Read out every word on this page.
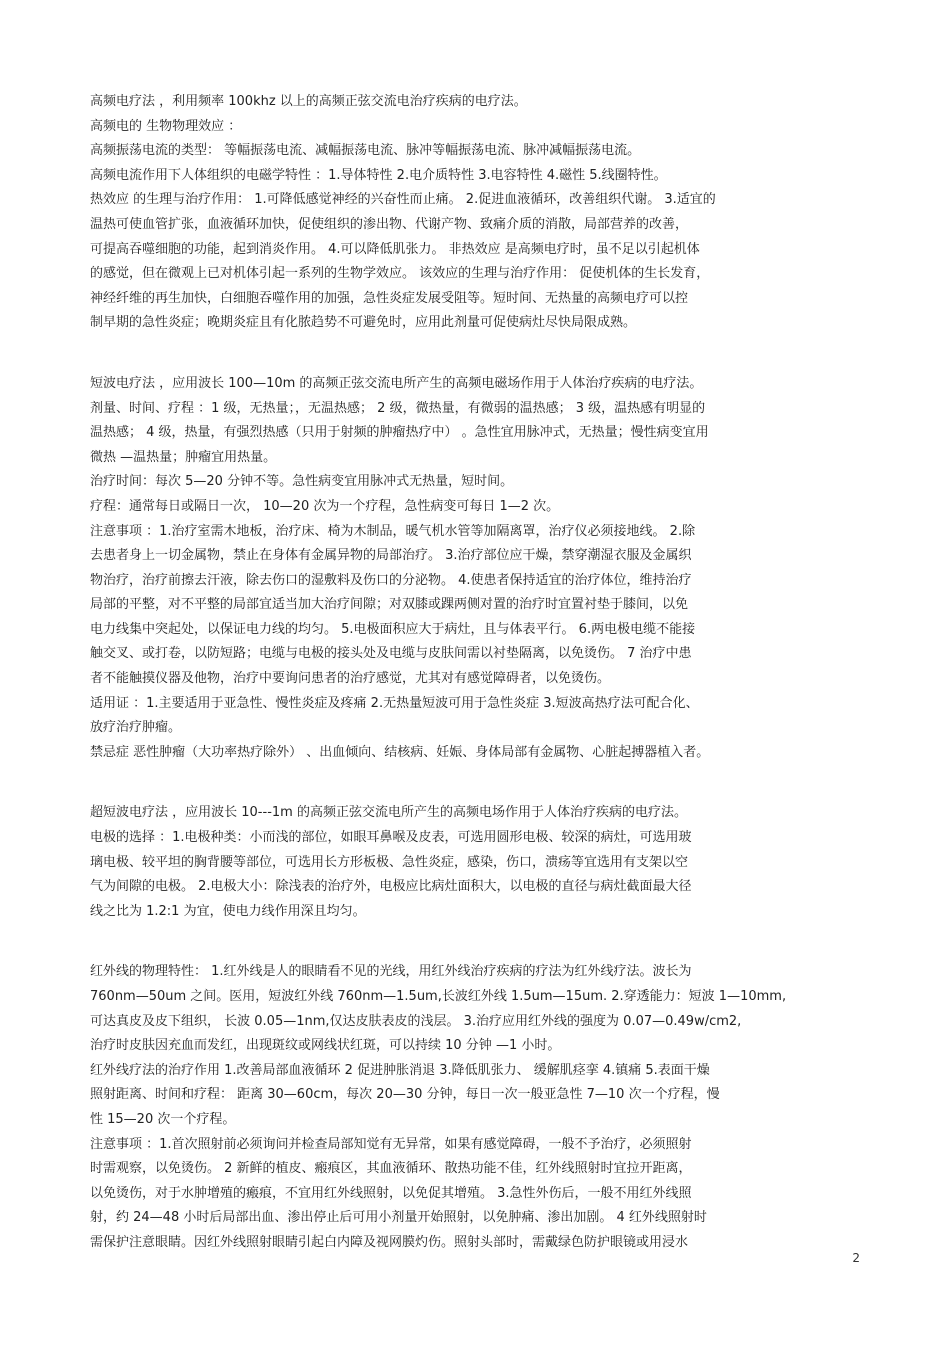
高频电疗法 ，利用频率 100khz 以上的高频正弦交流电治疗疾病的电疗法。
高频电的 生物物理效应 ：
高频振荡电流的类型： 等幅振荡电流、减幅振荡电流、脉冲等幅振荡电流、脉冲减幅振荡电流。
高频电流作用下人体组织的电磁学特性 ：1.导体特性 2.电介质特性 3.电容特性 4.磁性 5.线圈特性。
热效应 的生理与治疗作用： 1.可降低感觉神经的兴奋性而止痛。 2.促进血液循环，改善组织代谢。 3.适宜的
温热可使血管扩张，血液循环加快，促使组织的渗出物、代谢产物、致痛介质的消散，局部营养的改善，
可提高吞噬细胞的功能，起到消炎作用。 4.可以降低肌张力。 非热效应 是高频电疗时，虽不足以引起机体
的感觉，但在微观上已对机体引起一系列的生物学效应。 该效应的生理与治疗作用： 促使机体的生长发育，
神经纤维的再生加快，白细胞吞噬作用的加强，急性炎症发展受阻等。短时间、无热量的高频电疗可以控
制早期的急性炎症；晚期炎症且有化脓趋势不可避免时，应用此剂量可促使病灶尽快局限成熟。
短波电疗法 ，应用波长 100—10m 的高频正弦交流电所产生的高频电磁场作用于人体治疗疾病的电疗法。
剂量、时间、疗程 ：1 级，无热量；，无温热感； 2 级，微热量，有微弱的温热感； 3 级，温热感有明显的
温热感； 4 级，热量，有强烈热感（只用于射频的肿瘤热疗中） 。急性宜用脉冲式，无热量；慢性病变宜用
微热 —温热量；肿瘤宜用热量。
治疗时间：每次 5—20 分钟不等。急性病变宜用脉冲式无热量，短时间。
疗程：通常每日或隔日一次， 10—20 次为一个疗程，急性病变可每日 1—2 次。
注意事项 ：1.治疗室需木地板，治疗床、椅为木制品，暖气机水管等加隔离罩，治疗仪必须接地线。 2.除
去患者身上一切金属物，禁止在身体有金属异物的局部治疗。 3.治疗部位应干燥，禁穿潮湿衣服及金属织
物治疗，治疗前擦去汗液，除去伤口的湿敷料及伤口的分泌物。 4.使患者保持适宜的治疗体位，维持治疗
局部的平整，对不平整的局部宜适当加大治疗间隙；对双膝或踝两侧对置的治疗时宜置衬垫于膝间，以免
电力线集中突起处，以保证电力线的均匀。 5.电极面积应大于病灶，且与体表平行。 6.两电极电缆不能接
触交叉、或打卷，以防短路；电缆与电极的接头处及电缆与皮肤间需以衬垫隔离，以免烫伤。 7 治疗中患
者不能触摸仪器及他物，治疗中要询问患者的治疗感觉，尤其对有感觉障碍者，以免烫伤。
适用证 ：1.主要适用于亚急性、慢性炎症及疼痛 2.无热量短波可用于急性炎症 3.短波高热疗法可配合化、
放疗治疗肿瘤。
禁忌症 恶性肿瘤（大功率热疗除外） 、出血倾向、结核病、妊娠、身体局部有金属物、心脏起搏器植入者。
超短波电疗法 ，应用波长 10---1m 的高频正弦交流电所产生的高频电场作用于人体治疗疾病的电疗法。
电极的选择 ：1.电极种类：小而浅的部位，如眼耳鼻喉及皮表，可选用圆形电极、较深的病灶，可选用玻
璃电极、较平坦的胸背腰等部位，可选用长方形板极、急性炎症，感染，伤口，溃疡等宜选用有支架以空
气为间隙的电极。 2.电极大小：除浅表的治疗外，电极应比病灶面积大，以电极的直径与病灶截面最大径
线之比为 1.2:1 为宜，使电力线作用深且均匀。
红外线的物理特性： 1.红外线是人的眼睛看不见的光线，用红外线治疗疾病的疗法为红外线疗法。波长为
760nm—50um 之间。医用，短波红外线 760nm—1.5um,长波红外线 1.5um—15um. 2.穿透能力：短波 1—10mm,
可达真皮及皮下组织， 长波 0.05—1nm,仅达皮肤表皮的浅层。 3.治疗应用红外线的强度为 0.07—0.49w/cm2,
治疗时皮肤因充血而发红，出现斑纹或网线状红斑，可以持续 10 分钟 —1 小时。
红外线疗法的治疗作用 1.改善局部血液循环 2 促进肿胀消退 3.降低肌张力、 缓解肌痉挛 4.镇痛 5.表面干燥
照射距离、时间和疗程： 距离 30—60cm，每次 20—30 分钟，每日一次一般亚急性 7—10 次一个疗程，慢
性 15—20 次一个疗程。
注意事项 ：1.首次照射前必须询问并检查局部知觉有无异常，如果有感觉障碍，一般不予治疗，必须照射
时需观察，以免烫伤。 2 新鲜的植皮、瘢痕区，其血液循环、散热功能不佳，红外线照射时宜拉开距离，
以免烫伤，对于水肿增殖的瘢痕，不宜用红外线照射，以免促其增殖。 3.急性外伤后，一般不用红外线照
射，约 24—48 小时后局部出血、渗出停止后可用小剂量开始照射，以免肿痛、渗出加剧。 4 红外线照射时
需保护注意眼睛。因红外线照射眼睛引起白内障及视网膜灼伤。照射头部时，需戴绿色防护眼镜或用浸水
2
